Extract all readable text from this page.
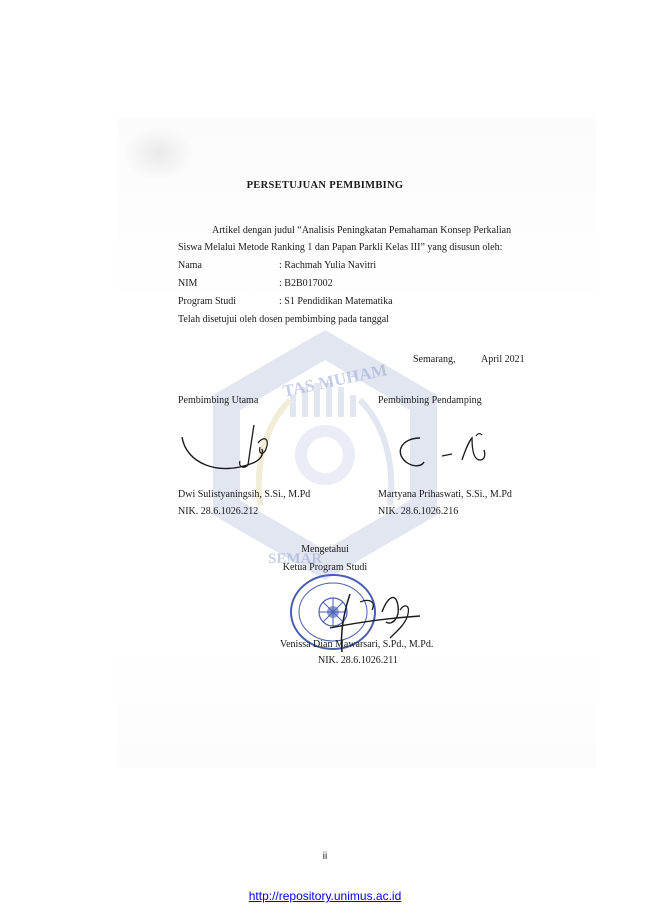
TAS MUHAM
SEMAR
PERSETUJUAN PEMBIMBING
Artikel dengan judul “Analisis Peningkatan Pemahaman Konsep Perkalian
Siswa Melalui Metode Ranking 1 dan Papan Parkli Kelas III” yang disusun oleh:
Nama	: Rachmah Yulia Navitri
NIM	: B2B017002
Program Studi	: S1 Pendidikan Matematika
Telah disetujui oleh dosen pembimbing pada tanggal
Semarang,	April 2021
Pembimbing Utama	Pembimbing Pendamping
Dwi Sulistyaningsih, S.Si., M.Pd
NIK. 28.6.1026.212
Martyana Prihaswati, S.Si., M.Pd
NIK. 28.6.1026.216
Mengetahui
Ketua Program Studi
Venissa Dian Mawarsari, S.Pd., M.Pd.
NIK. 28.6.1026.211
ii
http://repository.unimus.ac.id
